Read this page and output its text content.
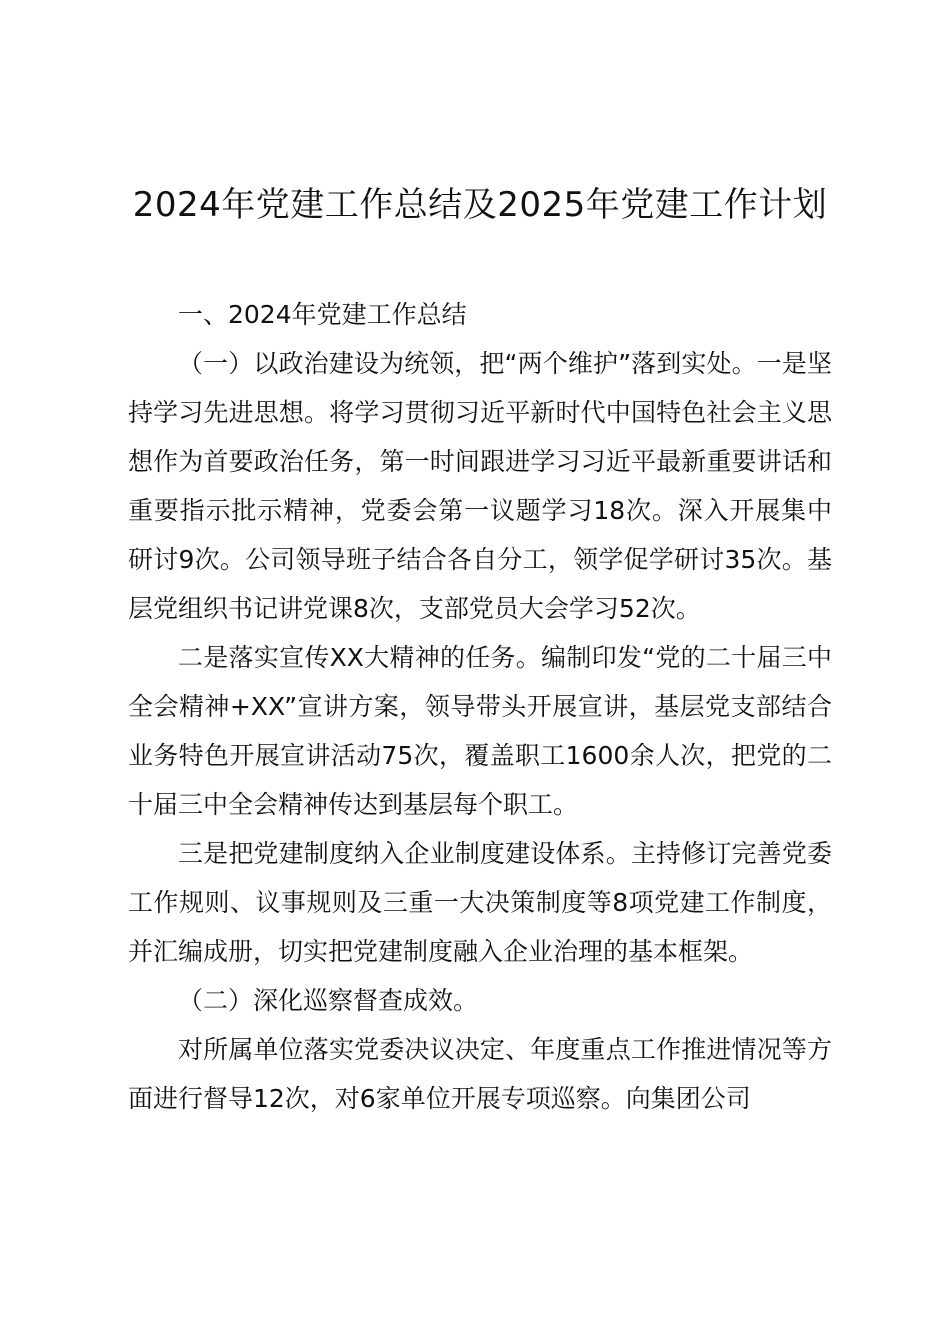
2024年党建工作总结及2025年党建工作计划

一、2024年党建工作总结

（一）以政治建设为统领，把“两个维护”落到实处。一是坚持学习先进思想。将学习贯彻习近平新时代中国特色社会主义思想作为首要政治任务，第一时间跟进学习习近平最新重要讲话和重要指示批示精神，党委会第一议题学习18次。深入开展集中研讨9次。公司领导班子结合各自分工，领学促学研讨35次。基层党组织书记讲党课8次，支部党员大会学习52次。

二是落实宣传XX大精神的任务。编制印发“党的二十届三中全会精神+XX”宣讲方案，领导带头开展宣讲，基层党支部结合业务特色开展宣讲活动75次，覆盖职工1600余人次，把党的二十届三中全会精神传达到基层每个职工。

三是把党建制度纳入企业制度建设体系。主持修订完善党委工作规则、议事规则及三重一大决策制度等8项党建工作制度，并汇编成册，切实把党建制度融入企业治理的基本框架。

（二）深化巡察督查成效。

对所属单位落实党委决议决定、年度重点工作推进情况等方面进行督导12次，对6家单位开展专项巡察。向集团公司
